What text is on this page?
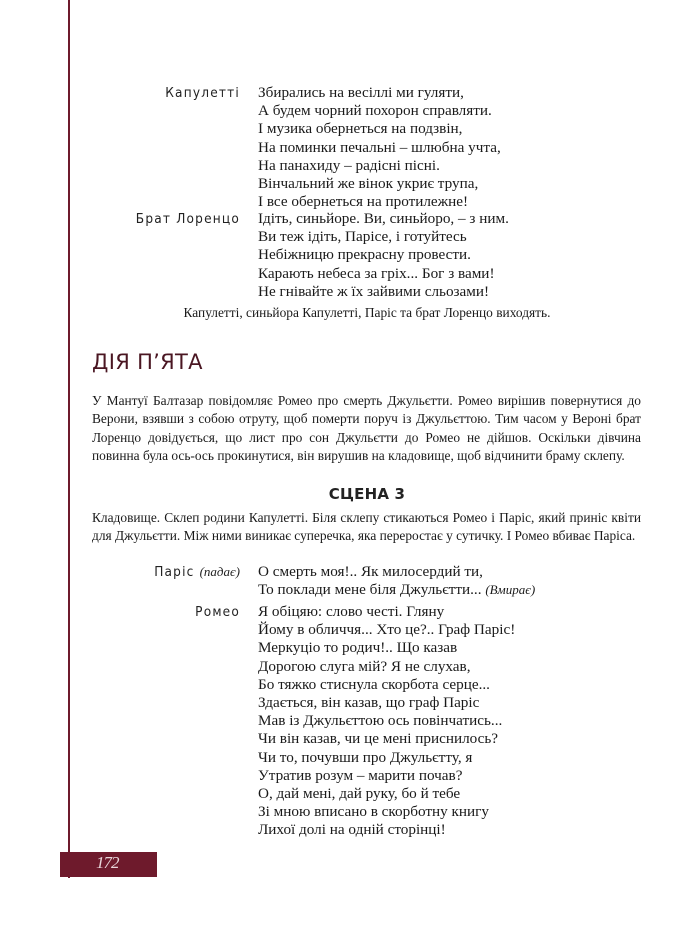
Капулетті Збирались на весіллі ми гуляти,
А будем чорний похорон справляти.
І музика обернеться на подзвін,
На поминки печальні – шлюбна учта,
На панахиду – радісні пісні.
Вінчальний же вінок укриє трупа,
І все обернеться на протилежне!
Брат Лоренцо Ідіть, синьйоре. Ви, синьйоро, – з ним.
Ви теж ідіть, Парісе, і готуйтесь
Небіжницю прекрасну провести.
Карають небеса за гріх... Бог з вами!
Не гнівайте ж їх зайвими сльозами!
Капулетті, синьйора Капулетті, Паріс та брат Лоренцо виходять.
ДІЯ П’ЯТА
У Мантуї Балтазар повідомляє Ромео про смерть Джульєтти. Ромео вирішив повернутися до Верони, взявши з собою отруту, щоб померти поруч із Джульєттою. Тим часом у Вероні брат Лоренцо довідується, що лист про сон Джульєтти до Ромео не дійшов. Оскільки дівчина повинна була ось-ось прокинутися, він вирушив на кладовище, щоб відчинити браму склепу.
СЦЕНА 3
Кладовище. Склеп родини Капулетті. Біля склепу стикаються Ромео і Паріс, який приніс квіти для Джульєтти. Між ними виникає суперечка, яка переростає у сутичку. І Ромео вбиває Паріса.
Паріс (падає) О смерть моя!.. Як милосердий ти,
То поклади мене біля Джульєтти... (Вмирає)
Ромео Я обіцяю: слово честі. Гляну
Йому в обличчя... Хто це?.. Граф Паріс!
Меркуціо то родич!.. Що казав
Дорогою слуга мій? Я не слухав,
Бо тяжко стиснула скорбота серце...
Здається, він казав, що граф Паріс
Мав із Джульєттою ось повінчатись...
Чи він казав, чи це мені приснилось?
Чи то, почувши про Джульєтту, я
Утратив розум – марити почав?
О, дай мені, дай руку, бо й тебе
Зі мною вписано в скорботну книгу
Лихої долі на одній сторінці!
172
